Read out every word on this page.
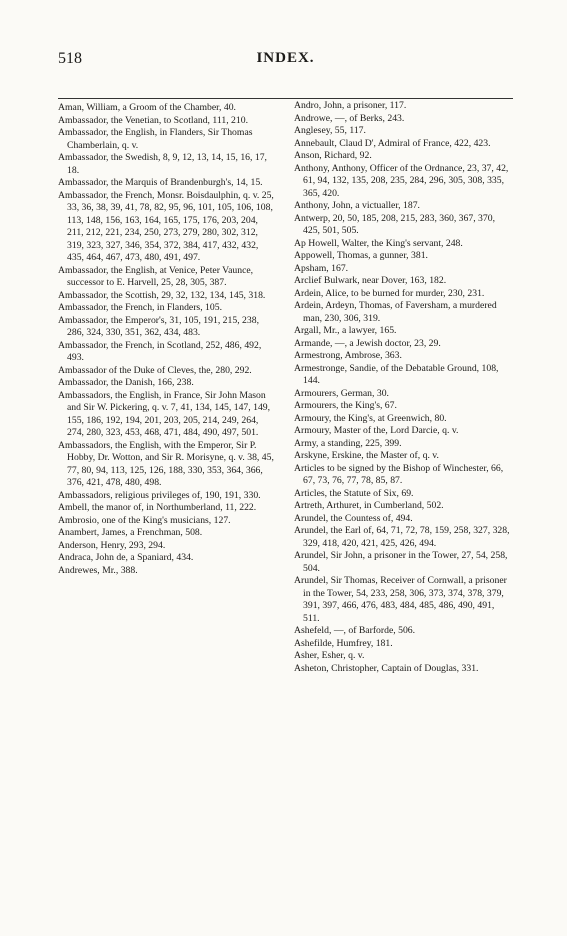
518	INDEX.

Aman, William, a Groom of the Chamber, 40.

Ambassador, the Venetian, to Scotland, 111, 210.

Ambassador, the English, in Flanders, Sir Thomas Chamberlain, q. v.

Ambassador, the Swedish, 8, 9, 12, 13, 14, 15, 16, 17, 18.

Ambassador, the Marquis of Brandenburgh's, 14, 15.

Ambassador, the French, Monsr. Boisdaulphin, q. v. 25, 33, 36, 38, 39, 41, 78, 82, 95, 96, 101, 105, 106, 108, 113, 148, 156, 163, 164, 165, 175, 176, 203, 204, 211, 212, 221, 234, 250, 273, 279, 280, 302, 312, 319, 323, 327, 346, 354, 372, 384, 417, 432, 432, 435, 464, 467, 473, 480, 491, 497.

Ambassador, the English, at Venice, Peter Vaunce, successor to E. Harvell, 25, 28, 305, 387.

Ambassador, the Scottish, 29, 32, 132, 134, 145, 318.

Ambassador, the French, in Flanders, 105.

Ambassador, the Emperor's, 31, 105, 191, 215, 238, 286, 324, 330, 351, 362, 434, 483.

Ambassador, the French, in Scotland, 252, 486, 492, 493.

Ambassador of the Duke of Cleves, the, 280, 292.

Ambassador, the Danish, 166, 238.

Ambassadors, the English, in France, Sir John Mason and Sir W. Pickering, q. v. 7, 41, 134, 145, 147, 149, 155, 186, 192, 194, 201, 203, 205, 214, 249, 264, 274, 280, 323, 453, 468, 471, 484, 490, 497, 501.

Ambassadors, the English, with the Emperor, Sir P. Hobby, Dr. Wotton, and Sir R. Morisyne, q. v. 38, 45, 77, 80, 94, 113, 125, 126, 188, 330, 353, 364, 366, 376, 421, 478, 480, 498.

Ambassadors, religious privileges of, 190, 191, 330.

Ambell, the manor of, in Northumberland, 11, 222.

Ambrosio, one of the King's musicians, 127.

Anambert, James, a Frenchman, 508.

Anderson, Henry, 293, 294.

Andraca, John de, a Spaniard, 434.

Andrewes, Mr., 388.

Andro, John, a prisoner, 117.

Androwe, —, of Berks, 243.

Anglesey, 55, 117.

Annebault, Claud D', Admiral of France, 422, 423.

Anson, Richard, 92.

Anthony, Anthony, Officer of the Ordnance, 23, 37, 42, 61, 94, 132, 135, 208, 235, 284, 296, 305, 308, 335, 365, 420.

Anthony, John, a victualler, 187.

Antwerp, 20, 50, 185, 208, 215, 283, 360, 367, 370, 425, 501, 505.

Ap Howell, Walter, the King's servant, 248.

Appowell, Thomas, a gunner, 381.

Apsham, 167.

Arclief Bulwark, near Dover, 163, 182.

Ardein, Alice, to be burned for murder, 230, 231.

Ardein, Ardeyn, Thomas, of Faversham, a murdered man, 230, 306, 319.

Argall, Mr., a lawyer, 165.

Armande, —, a Jewish doctor, 23, 29.

Armestrong, Ambrose, 363.

Armestronge, Sandie, of the Debatable Ground, 108, 144.

Armourers, German, 30.

Armourers, the King's, 67.

Armoury, the King's, at Greenwich, 80.

Armoury, Master of the, Lord Darcie, q. v.

Army, a standing, 225, 399.

Arskyne, Erskine, the Master of, q. v.

Articles to be signed by the Bishop of Winchester, 66, 67, 73, 76, 77, 78, 85, 87.

Articles, the Statute of Six, 69.

Artreth, Arthuret, in Cumberland, 502.

Arundel, the Countess of, 494.

Arundel, the Earl of, 64, 71, 72, 78, 159, 258, 327, 328, 329, 418, 420, 421, 425, 426, 494.

Arundel, Sir John, a prisoner in the Tower, 27, 54, 258, 504.

Arundel, Sir Thomas, Receiver of Cornwall, a prisoner in the Tower, 54, 233, 258, 306, 373, 374, 378, 379, 391, 397, 466, 476, 483, 484, 485, 486, 490, 491, 511.

Ashefeld, —, of Barforde, 506.

Ashefilde, Humfrey, 181.

Asher, Esher, q. v.

Asheton, Christopher, Captain of Douglas, 331.
